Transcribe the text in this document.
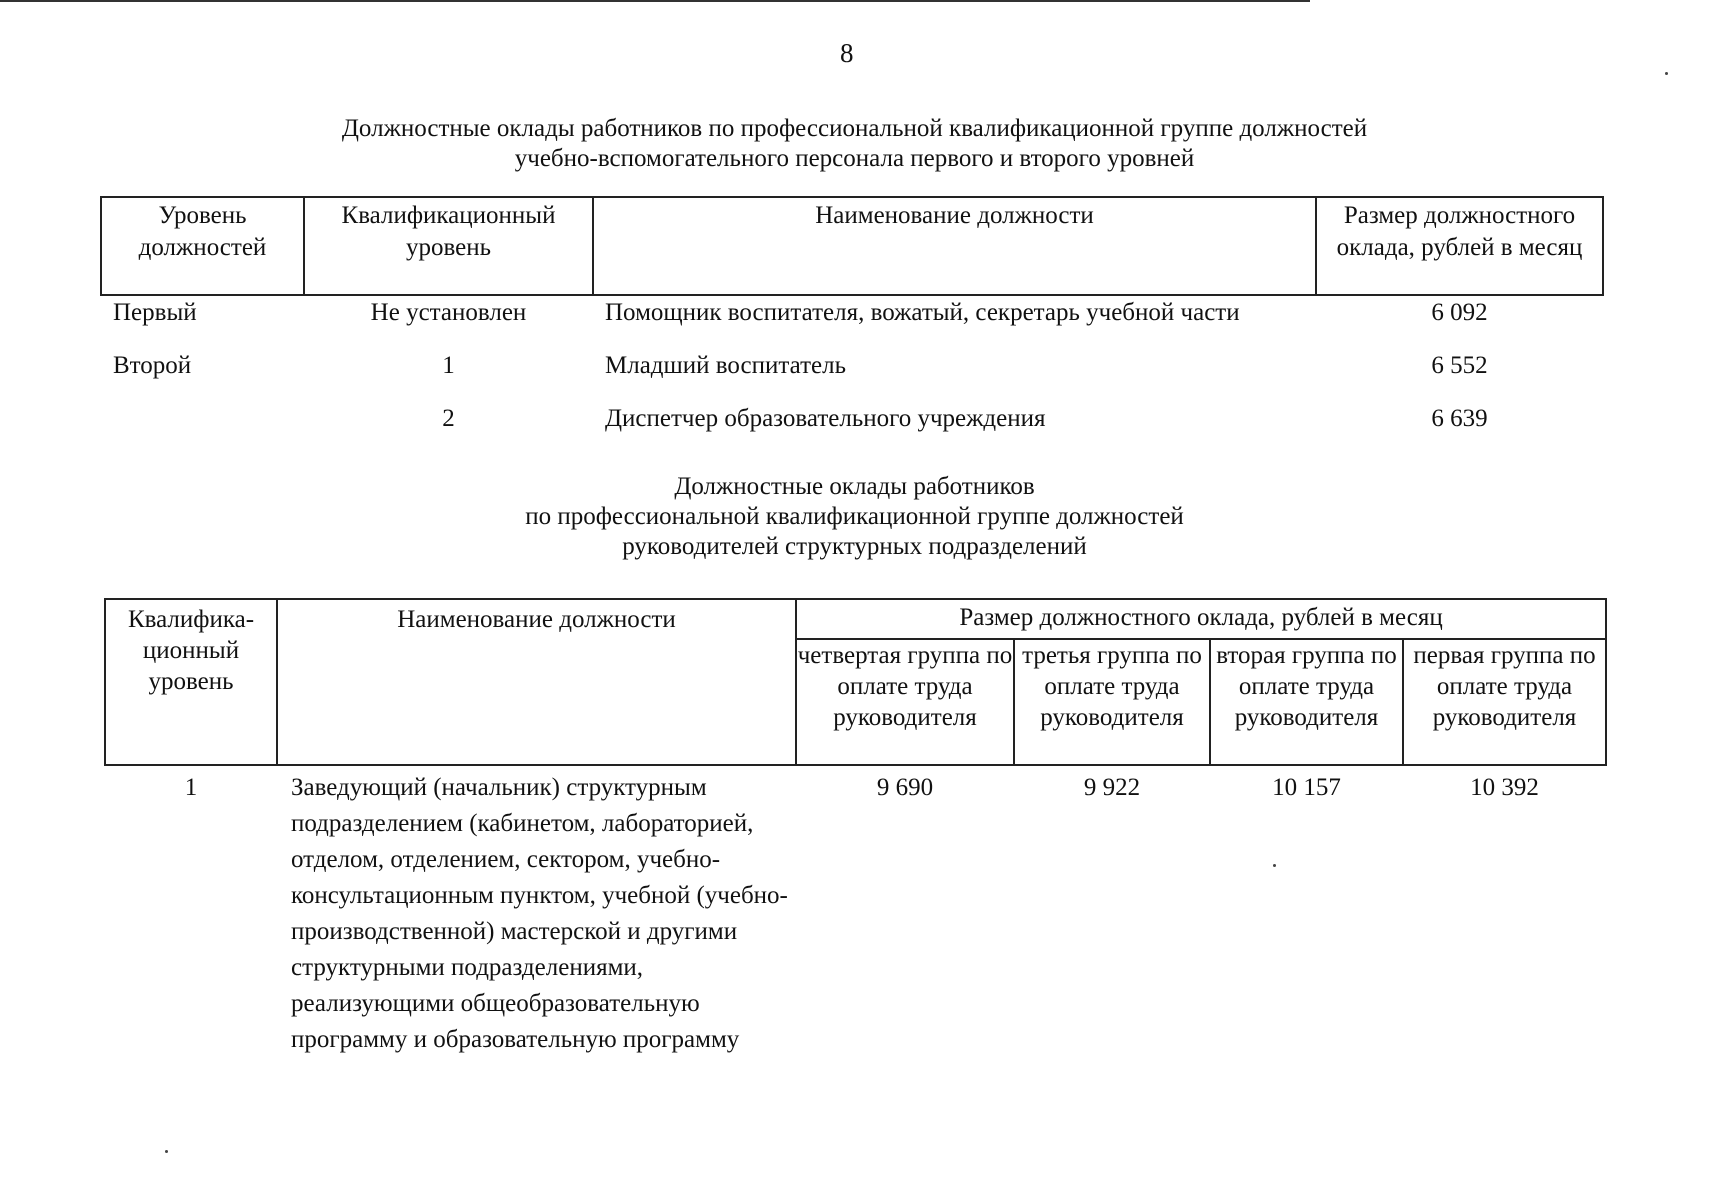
8
Должностные оклады работников по профессиональной квалификационной группе должностей
учебно-вспомогательного персонала первого и второго уровней
Уровень должностей	Квалификационный уровень	Наименование должности	Размер должностного оклада, рублей в месяц
Первый	Не установлен	Помощник воспитателя, вожатый, секретарь учебной части	6 092
Второй	1	Младший воспитатель	6 552
	2	Диспетчер образовательного учреждения	6 639
Должностные оклады работников
по профессиональной квалификационной группе должностей
руководителей структурных подразделений
Квалифика-ционный уровень	Наименование должности	Размер должностного оклада, рублей в месяц			
		четвертая группа по оплате труда руководителя	третья группа по оплате труда руководителя	вторая группа по оплате труда руководителя	первая группа по оплате труда руководителя
1	Заведующий (начальник) структурным подразделением (кабинетом, лабораторией, отделом, отделением, сектором, учебно-консультационным пунктом, учебной (учебно-производственной) мастерской и другими структурными подразделениями, реализующими общеобразовательную программу и образовательную программу	9 690	9 922	10 157	10 392
